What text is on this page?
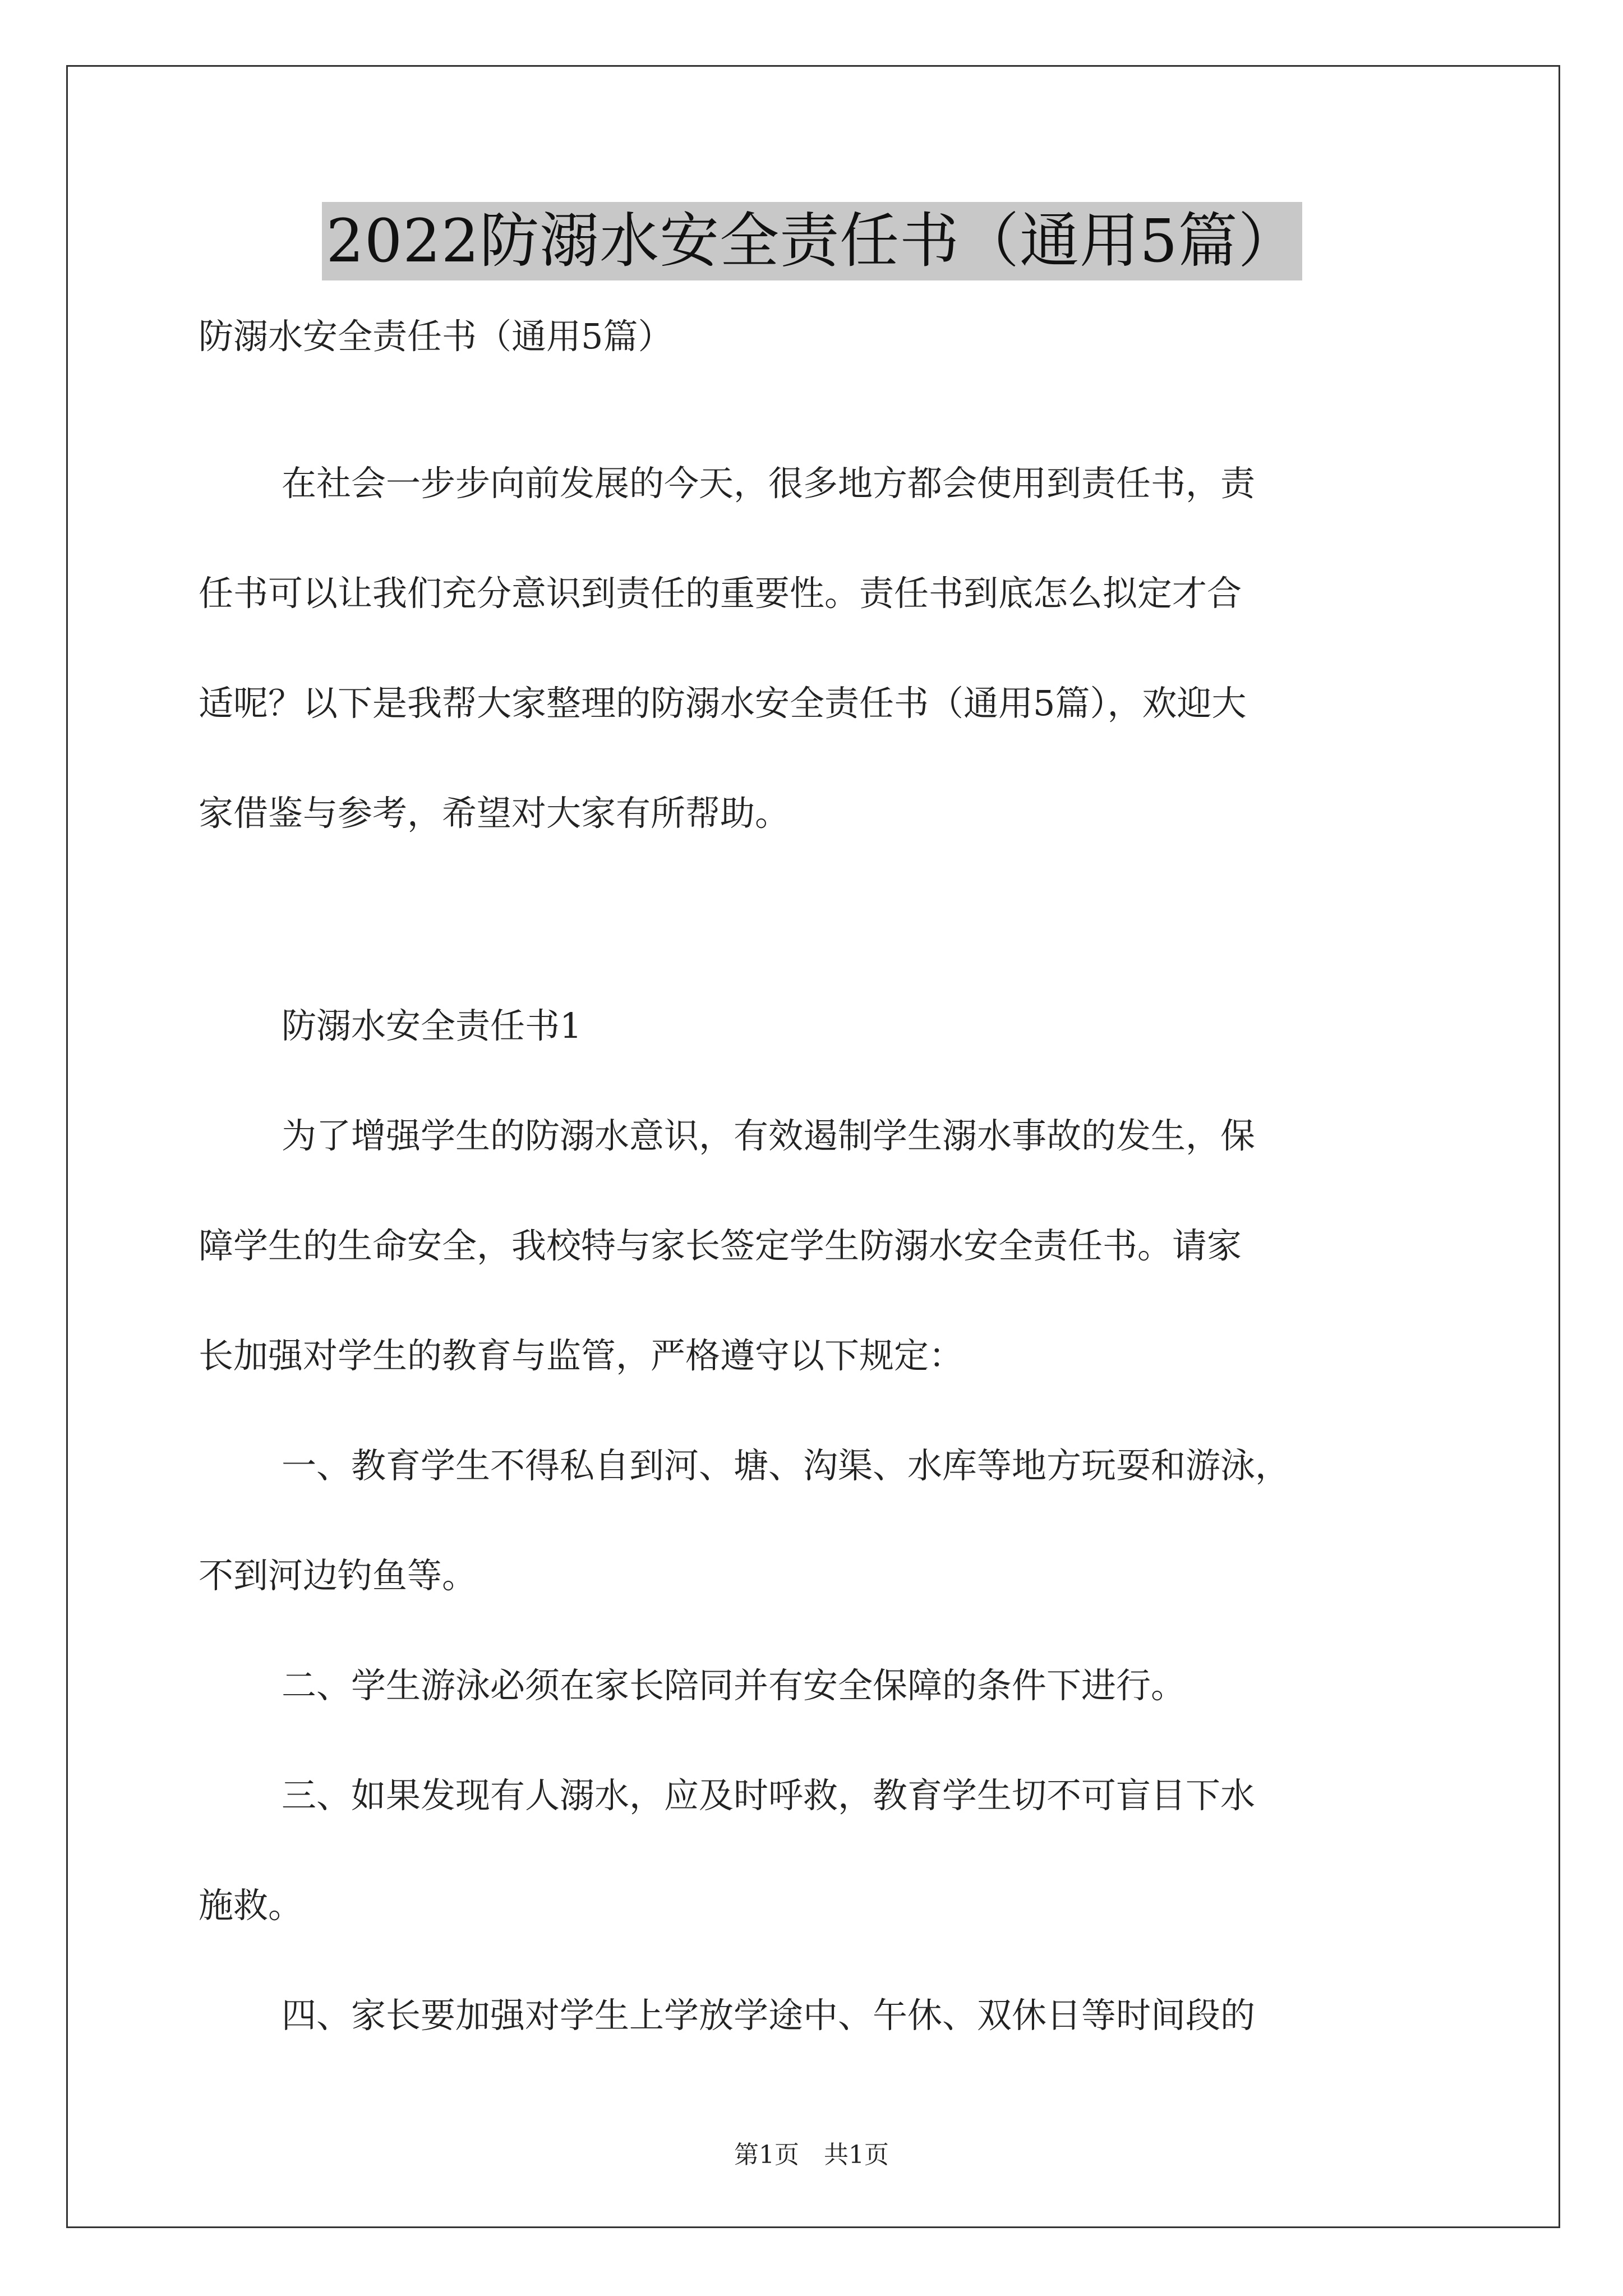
2022防溺水安全责任书（通用5篇）
防溺水安全责任书（通用5篇）
在社会一步步向前发展的今天，很多地方都会使用到责任书，责
任书可以让我们充分意识到责任的重要性。责任书到底怎么拟定才合
适呢？以下是我帮大家整理的防溺水安全责任书（通用5篇），欢迎大
家借鉴与参考，希望对大家有所帮助。
防溺水安全责任书1
为了增强学生的防溺水意识，有效遏制学生溺水事故的发生，保
障学生的生命安全，我校特与家长签定学生防溺水安全责任书。请家
长加强对学生的教育与监管，严格遵守以下规定：
一、教育学生不得私自到河、塘、沟渠、水库等地方玩耍和游泳，
不到河边钓鱼等。
二、学生游泳必须在家长陪同并有安全保障的条件下进行。
三、如果发现有人溺水，应及时呼救，教育学生切不可盲目下水
施救。
四、家长要加强对学生上学放学途中、午休、双休日等时间段的
第1页　共1页
